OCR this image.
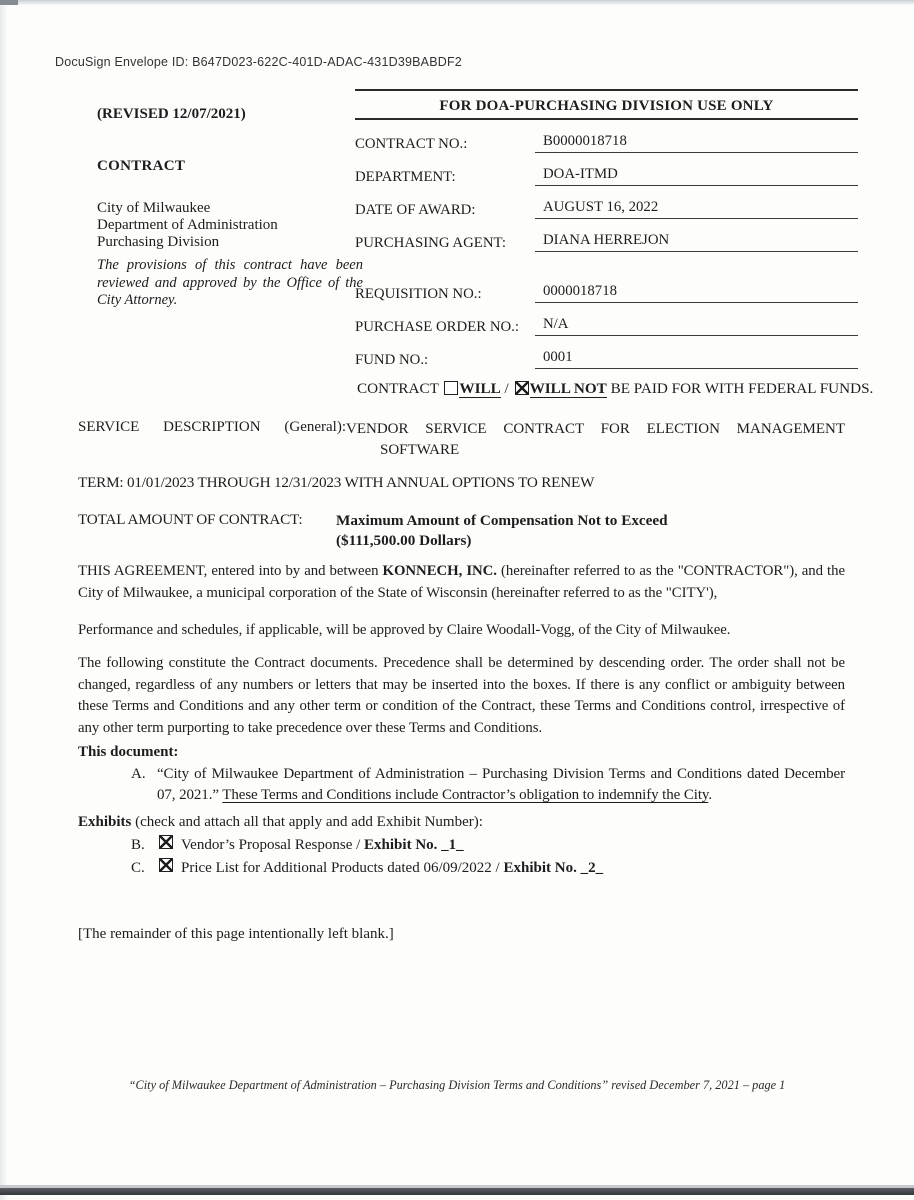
DocuSign Envelope ID: B647D023-622C-401D-ADAC-431D39BABDF2
(REVISED 12/07/2021)
CONTRACT
City of Milwaukee
Department of Administration
Purchasing Division
The provisions of this contract have been reviewed and approved by the Office of the City Attorney.
FOR DOA-PURCHASING DIVISION USE ONLY
CONTRACT NO.:	B0000018718
DEPARTMENT:	DOA-ITMD
DATE OF AWARD:	AUGUST 16, 2022
PURCHASING AGENT:	DIANA HERREJON
REQUISITION NO.:	0000018718
PURCHASE ORDER NO.:	N/A
FUND NO.:	0001
CONTRACT WILL / WILL NOT BE PAID FOR WITH FEDERAL FUNDS.
SERVICE DESCRIPTION (General): VENDOR SERVICE CONTRACT FOR ELECTION MANAGEMENT
SOFTWARE
TERM: 01/01/2023 THROUGH 12/31/2023 WITH ANNUAL OPTIONS TO RENEW
TOTAL AMOUNT OF CONTRACT:	Maximum Amount of Compensation Not to Exceed
($111,500.00 Dollars)
THIS AGREEMENT, entered into by and between KONNECH, INC. (hereinafter referred to as the "CONTRACTOR"), and the City of Milwaukee, a municipal corporation of the State of Wisconsin (hereinafter referred to as the "CITY'),
Performance and schedules, if applicable, will be approved by Claire Woodall-Vogg, of the City of Milwaukee.
The following constitute the Contract documents. Precedence shall be determined by descending order. The order shall not be changed, regardless of any numbers or letters that may be inserted into the boxes. If there is any conflict or ambiguity between these Terms and Conditions and any other term or condition of the Contract, these Terms and Conditions control, irrespective of any other term purporting to take precedence over these Terms and Conditions.
This document:
A. “City of Milwaukee Department of Administration – Purchasing Division Terms and Conditions dated December 07, 2021.” These Terms and Conditions include Contractor’s obligation to indemnify the City.
Exhibits (check and attach all that apply and add Exhibit Number):
B.	Vendor’s Proposal Response / Exhibit No. _1_
C.	Price List for Additional Products dated 06/09/2022 / Exhibit No. _2_
[The remainder of this page intentionally left blank.]
“City of Milwaukee Department of Administration – Purchasing Division Terms and Conditions” revised December 7, 2021 – page 1
